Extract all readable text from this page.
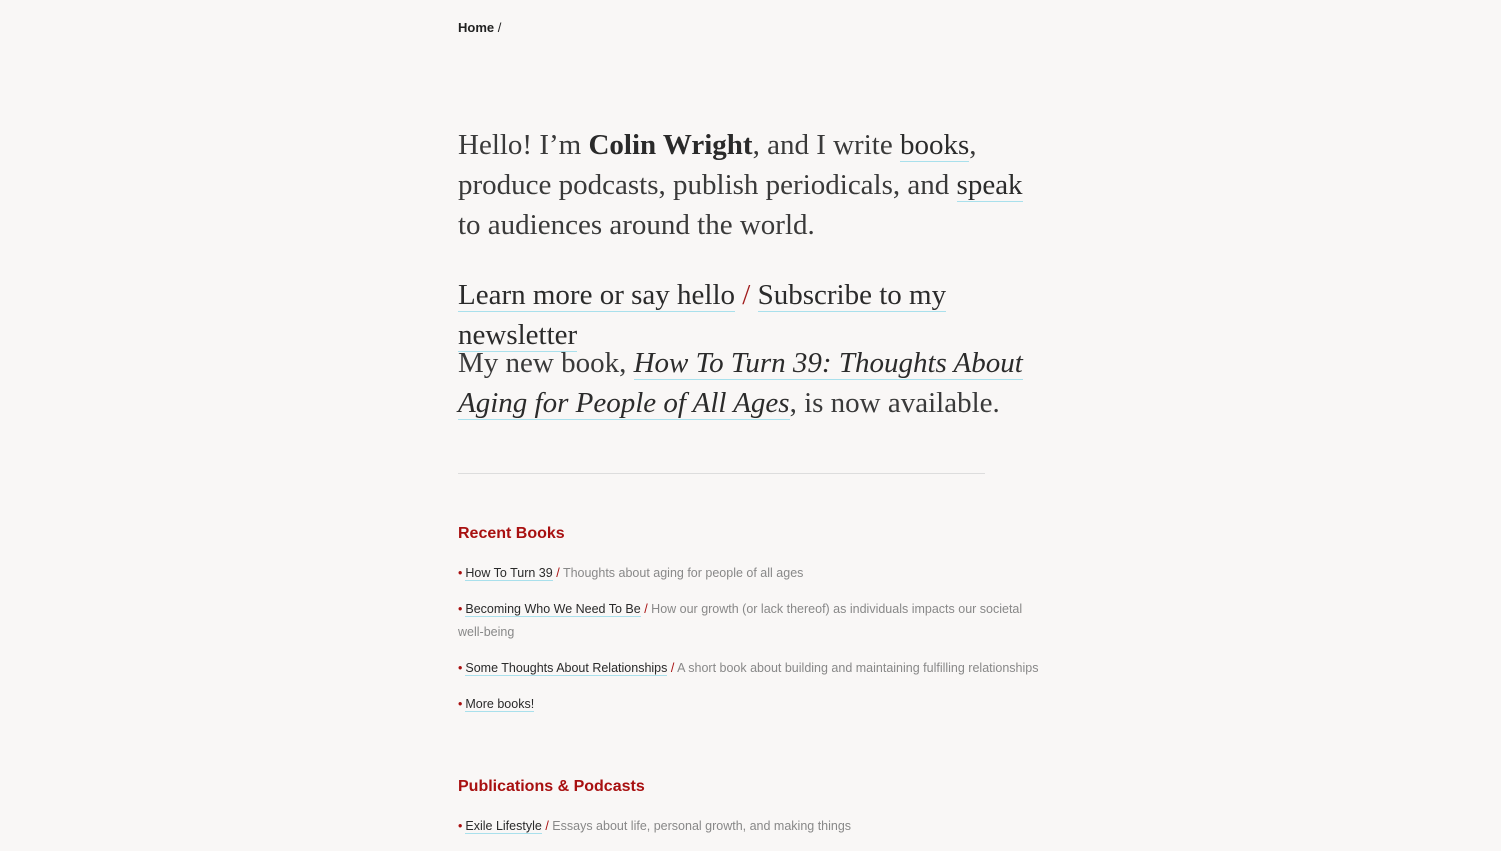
Home /
Hello! I’m Colin Wright, and I write books, produce podcasts, publish periodicals, and speak to audiences around the world.
Learn more or say hello / Subscribe to my newsletter
My new book, How To Turn 39: Thoughts About Aging for People of All Ages, is now available.
Recent Books
• How To Turn 39 / Thoughts about aging for people of all ages
• Becoming Who We Need To Be / How our growth (or lack thereof) as individuals impacts our societal well-being
• Some Thoughts About Relationships / A short book about building and maintaining fulfilling relationships
• More books!
Publications & Podcasts
• Exile Lifestyle / Essays about life, personal growth, and making things
